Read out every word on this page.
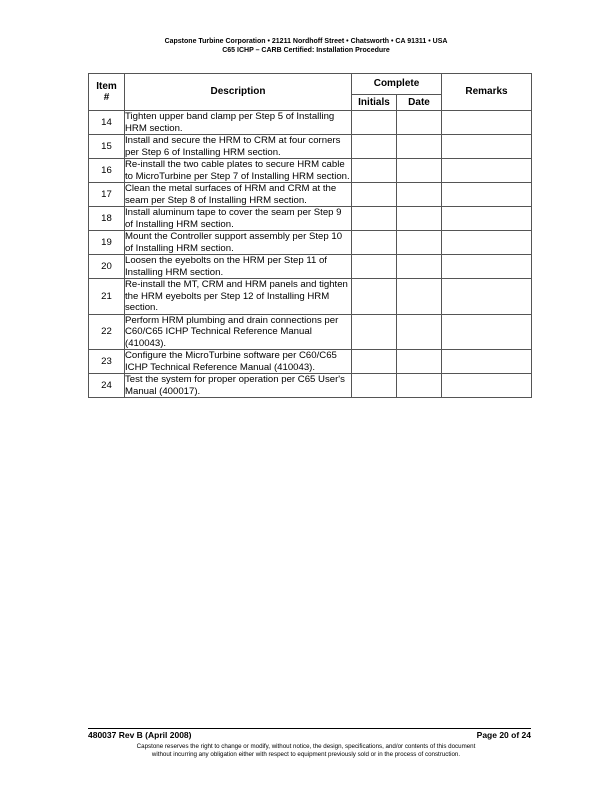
Capstone Turbine Corporation • 21211 Nordhoff Street • Chatsworth • CA 91311 • USA
C65 ICHP – CARB Certified: Installation Procedure
Item
#	Description	Complete		Remarks
		Initials	Date	
14	Tighten upper band clamp per Step 5 of Installing HRM section.			
15	Install and secure the HRM to CRM at four corners per Step 6 of Installing HRM section.			
16	Re-install the two cable plates to secure HRM cable to MicroTurbine per Step 7 of Installing HRM section.			
17	Clean the metal surfaces of HRM and CRM at the seam per Step 8 of Installing HRM section.			
18	Install aluminum tape to cover the seam per Step 9 of Installing HRM section.			
19	Mount the Controller support assembly per Step 10 of Installing HRM section.			
20	Loosen the eyebolts on the HRM per Step 11 of Installing HRM section.			
21	Re-install the MT, CRM and HRM panels and tighten the HRM eyebolts per Step 12 of Installing HRM section.			
22	Perform HRM plumbing and drain connections per C60/C65 ICHP Technical Reference Manual (410043).			
23	Configure the MicroTurbine software per C60/C65 ICHP Technical Reference Manual (410043).			
24	Test the system for proper operation per C65 User's Manual (400017).			
480037 Rev B (April 2008)	Page 20 of 24
Capstone reserves the right to change or modify, without notice, the design, specifications, and/or contents of this document
without incurring any obligation either with respect to equipment previously sold or in the process of construction.
